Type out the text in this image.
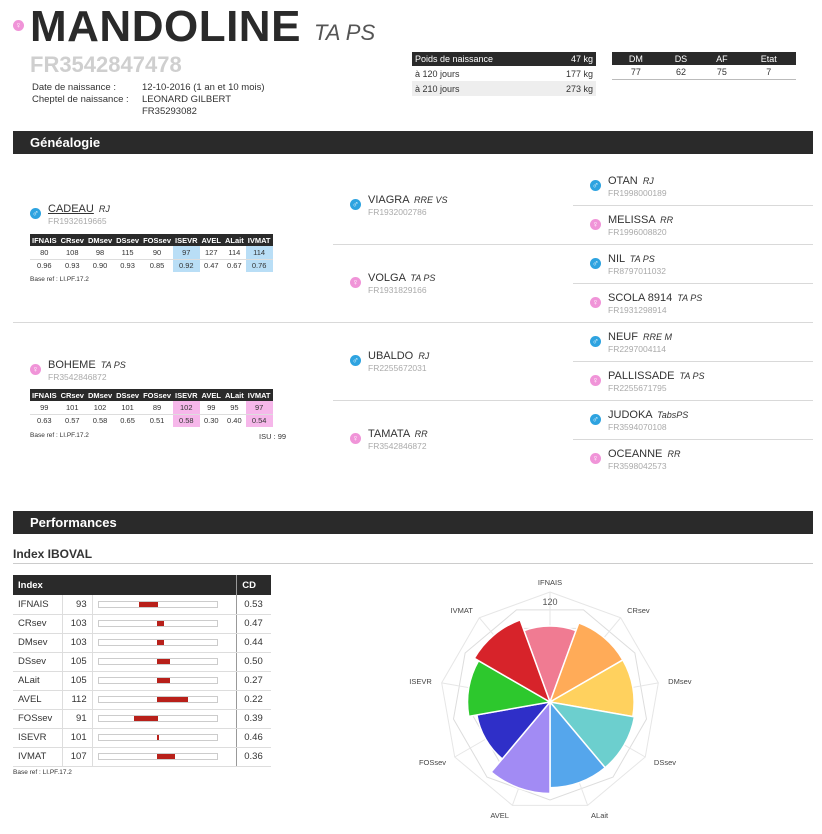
♀ MANDOLINE TA PS
FR3542847478
Date de naissance :	12-10-2016 (1 an et 10 mois)
Cheptel de naissance : LEONARD GILBERT
FR35293082
Poids de naissance	47 kg
à 120 jours	177 kg
à 210 jours	273 kg
DM	DS	AF	Etat
77	62	75	7
Généalogie
♂ CADEAU RJ
FR1932619665
IFNAIS	CRsev	DMsev	DSsev	FOSsev	ISEVR	AVEL	ALait	IVMAT
80	108	98	115	90	97	127	114	114
0.96	0.93	0.90	0.93	0.85	0.92	0.47	0.67	0.76
Base ref : LI.PF.17.2
♀ BOHEME TA PS
FR3542846872
IFNAIS	CRsev	DMsev	DSsev	FOSsev	ISEVR	AVEL	ALait	IVMAT
99	101	102	101	89	102	99	95	97
0.63	0.57	0.58	0.65	0.51	0.58	0.30	0.40	0.54
Base ref : LI.PF.17.2	ISU : 99
♂ VIAGRA RRE VS
FR1932002786
♀ VOLGA TA PS
FR1931829166
♂ UBALDO RJ
FR2255672031
♀ TAMATA RR
FR3542846872
♂ OTAN RJ
FR1998000189
♀ MELISSA RR
FR1996008820
♂ NIL TA PS
FR8797011032
♀ SCOLA 8914 TA PS
FR1931298914
♂ NEUF RRE M
FR2297004114
♀ PALLISSADE TA PS
FR2255671795
♂ JUDOKA TabsPS
FR3594070108
♀ OCEANNE RR
FR3598042573
Performances
Index IBOVAL
Index			CD
IFNAIS	93		0.53
CRsev	103		0.47
DMsev	103		0.44
DSsev	105		0.50
ALait	105		0.27
AVEL	112		0.22
FOSsev	91		0.39
ISEVR	101		0.46
IVMAT	107		0.36
Base ref : LI.PF.17.2
120
IFNAIS
CRsev
DMsev
DSsev
ALait
AVEL
FOSsev
ISEVR
IVMAT
